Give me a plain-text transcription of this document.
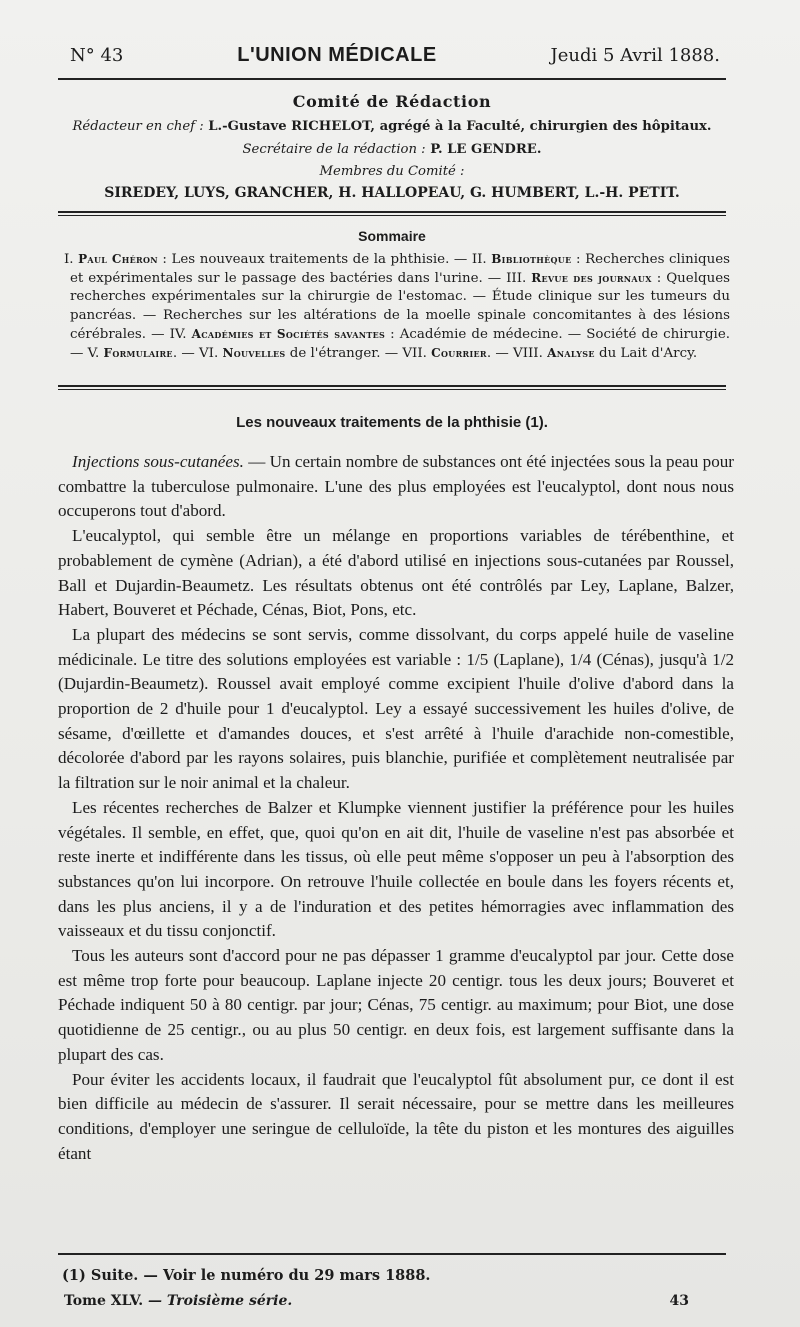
N° 43	L'UNION MÉDICALE	Jeudi 5 Avril 1888.
Comité de Rédaction
Rédacteur en chef : L.-Gustave RICHELOT, agrégé à la Faculté, chirurgien des hôpitaux.
Secrétaire de la rédaction : P. LE GENDRE.
Membres du Comité :
SIREDEY, LUYS, GRANCHER, H. HALLOPEAU, G. HUMBERT, L.-H. PETIT.
Sommaire

I. Paul Chéron : Les nouveaux traitements de la phthisie. — II. Bibliothèque : Recherches cliniques et expérimentales sur le passage des bactéries dans l'urine. — III. Revue des journaux : Quelques recherches expérimentales sur la chirurgie de l'estomac. — Étude clinique sur les tumeurs du pancréas. — Recherches sur les altérations de la moelle spinale concomitantes à des lésions cérébrales. — IV. Académies et Sociétés savantes : Académie de médecine. — Société de chirurgie. — V. Formulaire. — VI. Nouvelles de l'étranger. — VII. Courrier. — VIII. Analyse du Lait d'Arcy.

Les nouveaux traitements de la phthisie (1).

Injections sous-cutanées. — Un certain nombre de substances ont été injectées sous la peau pour combattre la tuberculose pulmonaire. L'une des plus employées est l'eucalyptol, dont nous nous occuperons tout d'abord.

L'eucalyptol, qui semble être un mélange en proportions variables de térébenthine, et probablement de cymène (Adrian), a été d'abord utilisé en injections sous-cutanées par Roussel, Ball et Dujardin-Beaumetz. Les résultats obtenus ont été contrôlés par Ley, Laplane, Balzer, Habert, Bouveret et Péchade, Cénas, Biot, Pons, etc.

La plupart des médecins se sont servis, comme dissolvant, du corps appelé huile de vaseline médicinale. Le titre des solutions employées est variable : 1/5 (Laplane), 1/4 (Cénas), jusqu'à 1/2 (Dujardin-Beaumetz). Roussel avait employé comme excipient l'huile d'olive d'abord dans la proportion de 2 d'huile pour 1 d'eucalyptol. Ley a essayé successivement les huiles d'olive, de sésame, d'œillette et d'amandes douces, et s'est arrêté à l'huile d'arachide non-comestible, décolorée d'abord par les rayons solaires, puis blanchie, purifiée et complètement neutralisée par la filtration sur le noir animal et la chaleur.

Les récentes recherches de Balzer et Klumpke viennent justifier la préférence pour les huiles végétales. Il semble, en effet, que, quoi qu'on en ait dit, l'huile de vaseline n'est pas absorbée et reste inerte et indifférente dans les tissus, où elle peut même s'opposer un peu à l'absorption des substances qu'on lui incorpore. On retrouve l'huile collectée en boule dans les foyers récents et, dans les plus anciens, il y a de l'induration et des petites hémorragies avec inflammation des vaisseaux et du tissu conjonctif.

Tous les auteurs sont d'accord pour ne pas dépasser 1 gramme d'eucalyptol par jour. Cette dose est même trop forte pour beaucoup. Laplane injecte 20 centigr. tous les deux jours; Bouveret et Péchade indiquent 50 à 80 centigr. par jour; Cénas, 75 centigr. au maximum; pour Biot, une dose quotidienne de 25 centigr., ou au plus 50 centigr. en deux fois, est largement suffisante dans la plupart des cas.

Pour éviter les accidents locaux, il faudrait que l'eucalyptol fût absolument pur, ce dont il est bien difficile au médecin de s'assurer. Il serait nécessaire, pour se mettre dans les meilleures conditions, d'employer une seringue de celluloïde, la tête du piston et les montures des aiguilles étant

(1) Suite. — Voir le numéro du 29 mars 1888.
Tome XLV. — Troisième série.	43
